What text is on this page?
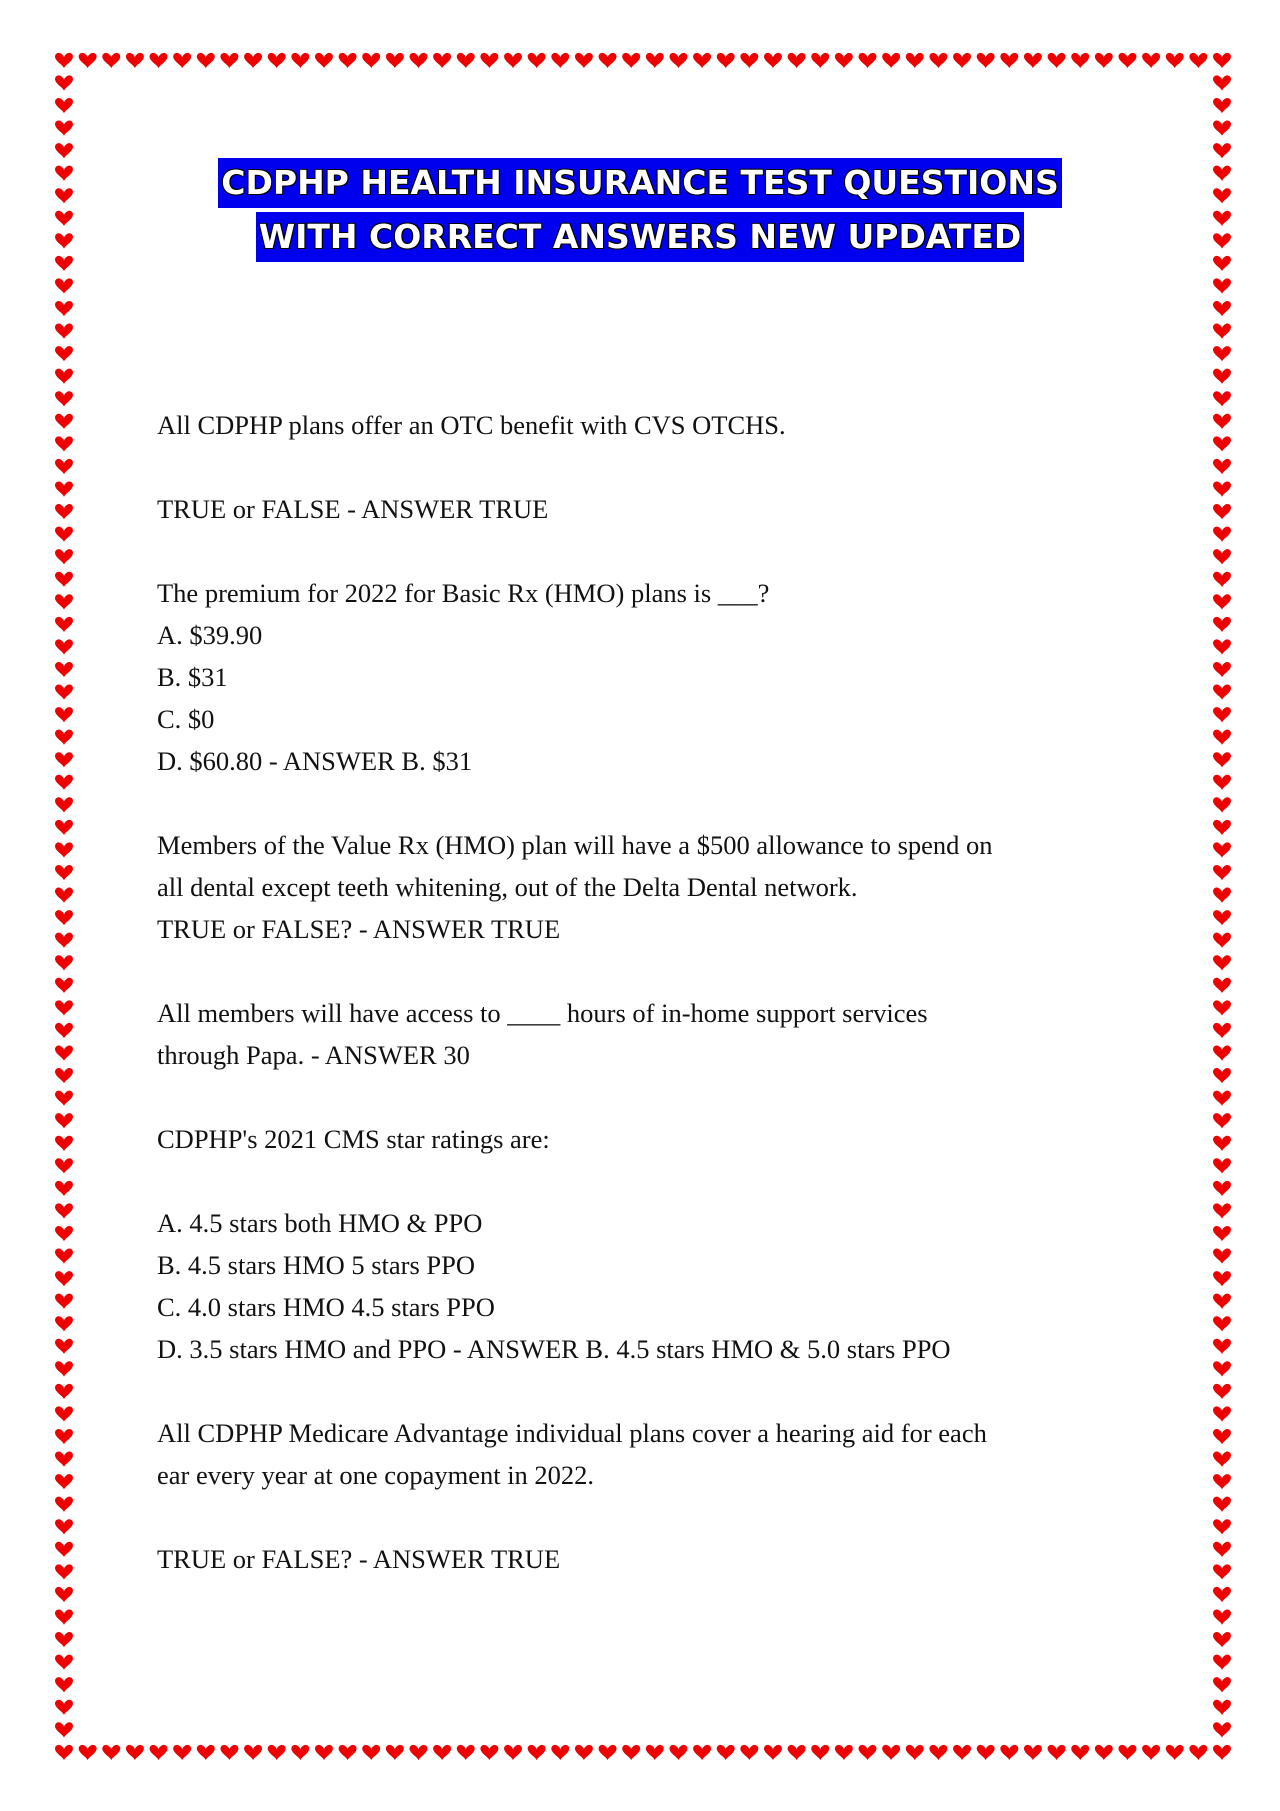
CDPHP HEALTH INSURANCE TEST QUESTIONS
WITH CORRECT ANSWERS NEW UPDATED

All CDPHP plans offer an OTC benefit with CVS OTCHS.

TRUE or FALSE - ANSWER TRUE

The premium for 2022 for Basic Rx (HMO) plans is ___?
A. $39.90
B. $31
C. $0
D. $60.80 - ANSWER B. $31

Members of the Value Rx (HMO) plan will have a $500 allowance to spend on
all dental except teeth whitening, out of the Delta Dental network.
TRUE or FALSE? - ANSWER TRUE

All members will have access to ____ hours of in-home support services
through Papa. - ANSWER 30

CDPHP's 2021 CMS star ratings are:

A. 4.5 stars both HMO & PPO
B. 4.5 stars HMO 5 stars PPO
C. 4.0 stars HMO 4.5 stars PPO
D. 3.5 stars HMO and PPO - ANSWER B. 4.5 stars HMO & 5.0 stars PPO

All CDPHP Medicare Advantage individual plans cover a hearing aid for each
ear every year at one copayment in 2022.

TRUE or FALSE? - ANSWER TRUE
